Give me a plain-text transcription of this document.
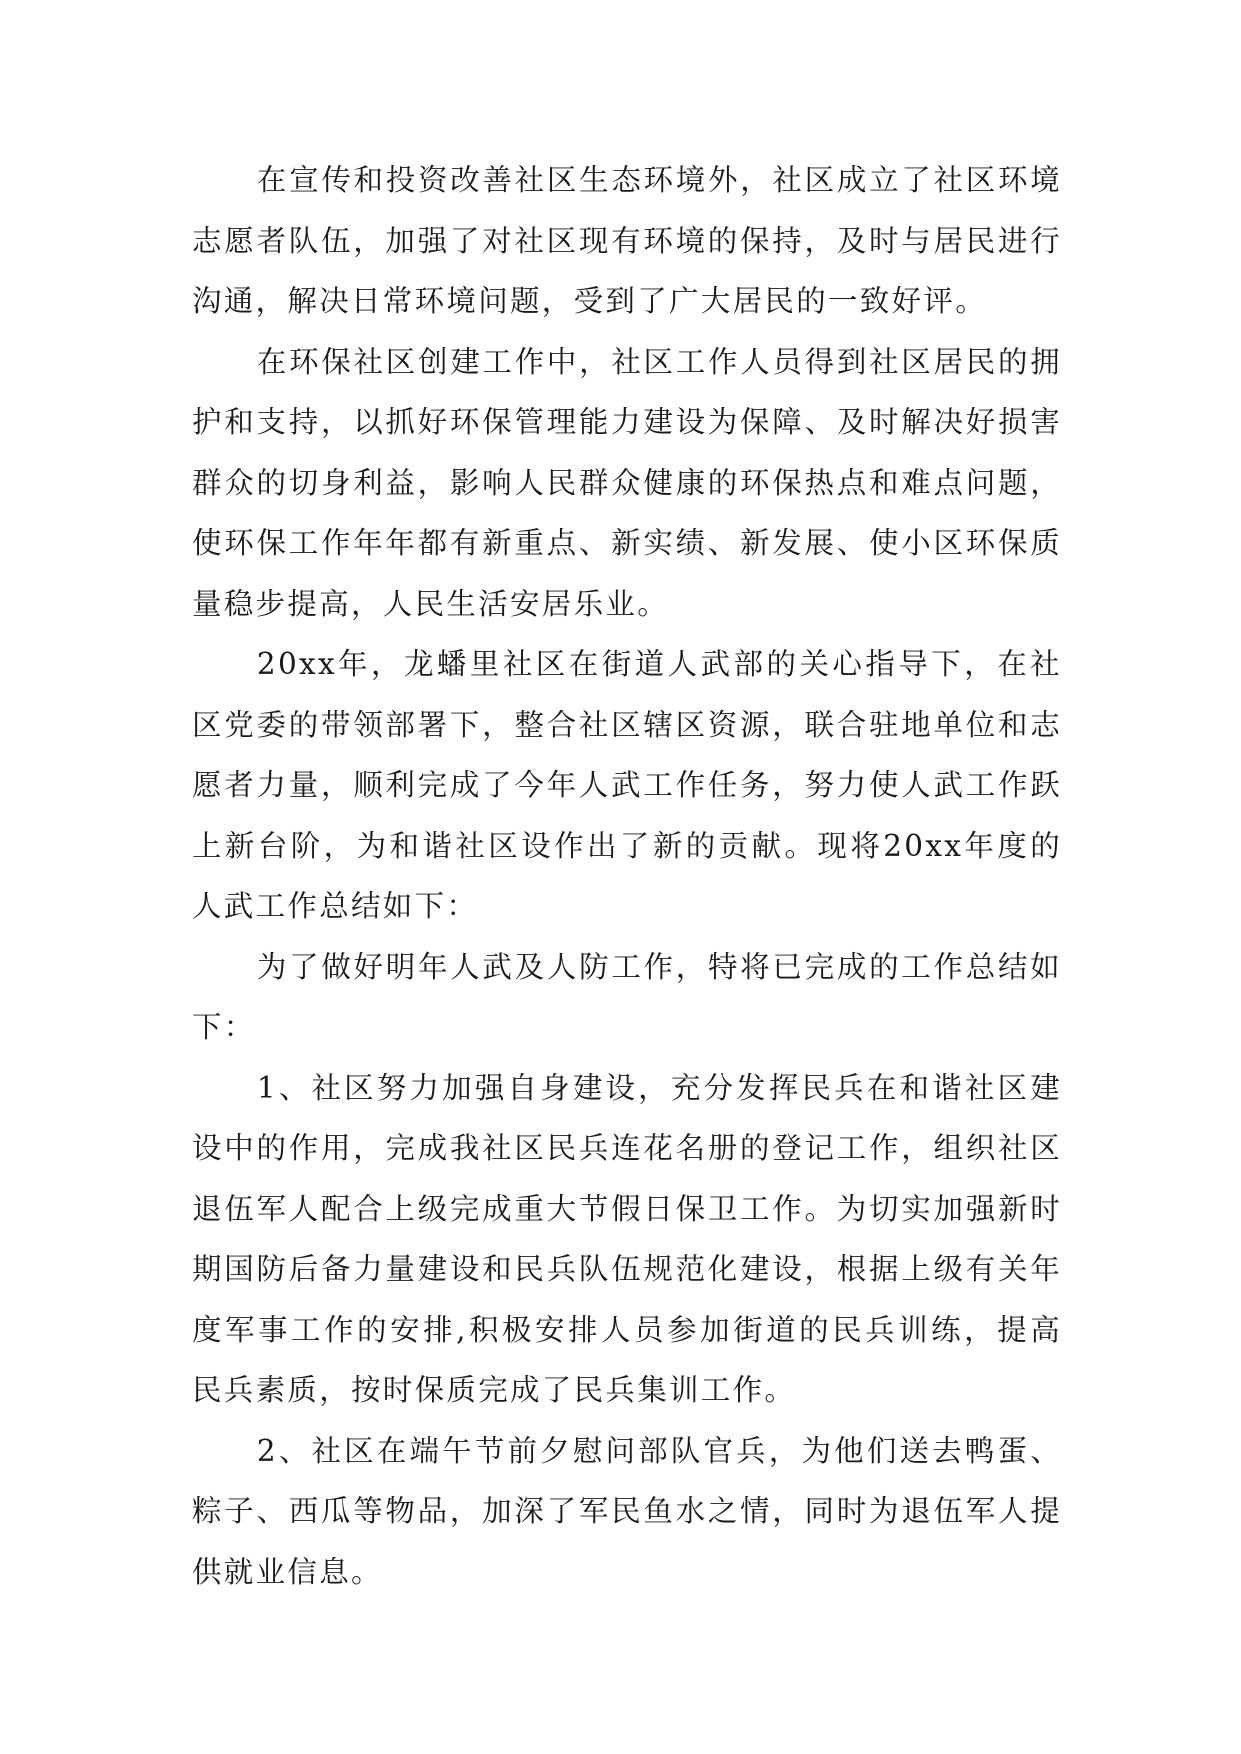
在宣传和投资改善社区生态环境外，社区成立了社区环境志愿者队伍，加强了对社区现有环境的保持，及时与居民进行沟通，解决日常环境问题，受到了广大居民的一致好评。

在环保社区创建工作中，社区工作人员得到社区居民的拥护和支持，以抓好环保管理能力建设为保障、及时解决好损害群众的切身利益，影响人民群众健康的环保热点和难点问题，使环保工作年年都有新重点、新实绩、新发展、使小区环保质量稳步提高，人民生活安居乐业。

20xx年，龙蟠里社区在街道人武部的关心指导下，在社区党委的带领部署下，整合社区辖区资源，联合驻地单位和志愿者力量，顺利完成了今年人武工作任务，努力使人武工作跃上新台阶，为和谐社区设作出了新的贡献。现将20xx年度的人武工作总结如下：

为了做好明年人武及人防工作，特将已完成的工作总结如下：

1、社区努力加强自身建设，充分发挥民兵在和谐社区建设中的作用，完成我社区民兵连花名册的登记工作，组织社区退伍军人配合上级完成重大节假日保卫工作。为切实加强新时期国防后备力量建设和民兵队伍规范化建设，根据上级有关年度军事工作的安排,积极安排人员参加街道的民兵训练，提高民兵素质，按时保质完成了民兵集训工作。

2、社区在端午节前夕慰问部队官兵，为他们送去鸭蛋、粽子、西瓜等物品，加深了军民鱼水之情，同时为退伍军人提供就业信息。
